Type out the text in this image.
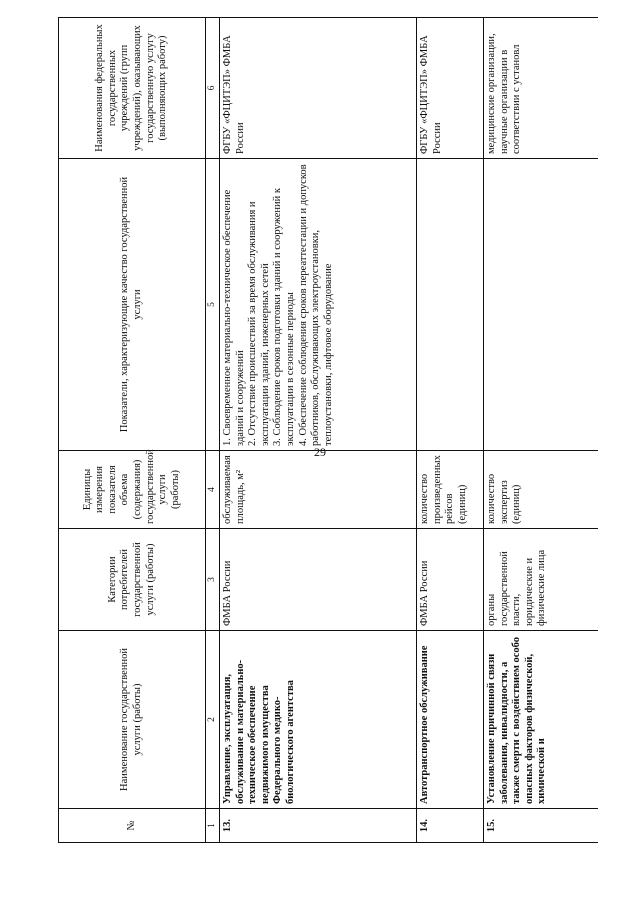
29
№	Наименование государственной услуги (работы)	Категории потребителей государственной услуги (работы)	Единицы измерения показателя объема (содержания) государственной услуги (работы)	Показатели, характеризующие качество государственной услуги	Наименования федеральных государственных учреждений (групп учреждений), оказывающих государственную услугу (выполняющих работу)
1	2	3	4	5	6
13.	Управление, эксплуатация, обслуживание и материально-техническое обеспечение недвижимого имущества Федерального медико-биологического агентства	ФМБА России	обслуживаемая площадь, м²	1. Своевременное материально-техническое обеспечение зданий и сооружений 2. Отсутствие происшествий за время обслуживания и эксплуатации зданий, инженерных сетей 3. Соблюдение сроков подготовки зданий и сооружений к эксплуатации в сезонные периоды 4. Обеспечение соблюдения сроков переаттестации и допусков работников, обслуживающих электроустановки, теплоустановки, лифтовое оборудование	ФГБУ «ФЦИТЭП» ФМБА России
14.	Автотранспортное обслуживание	ФМБА России	количество произведенных рейсов (единиц)		ФГБУ «ФЦИТЭП» ФМБА России
15.	Установление причинной связи заболевания, инвалидности, а также смерти с воздействием особо опасных факторов физической, химической и	органы государственной власти, юридические и физические лица	количество экспертиз (единиц)		медицинские организации, научные организации в соответствии с установл
